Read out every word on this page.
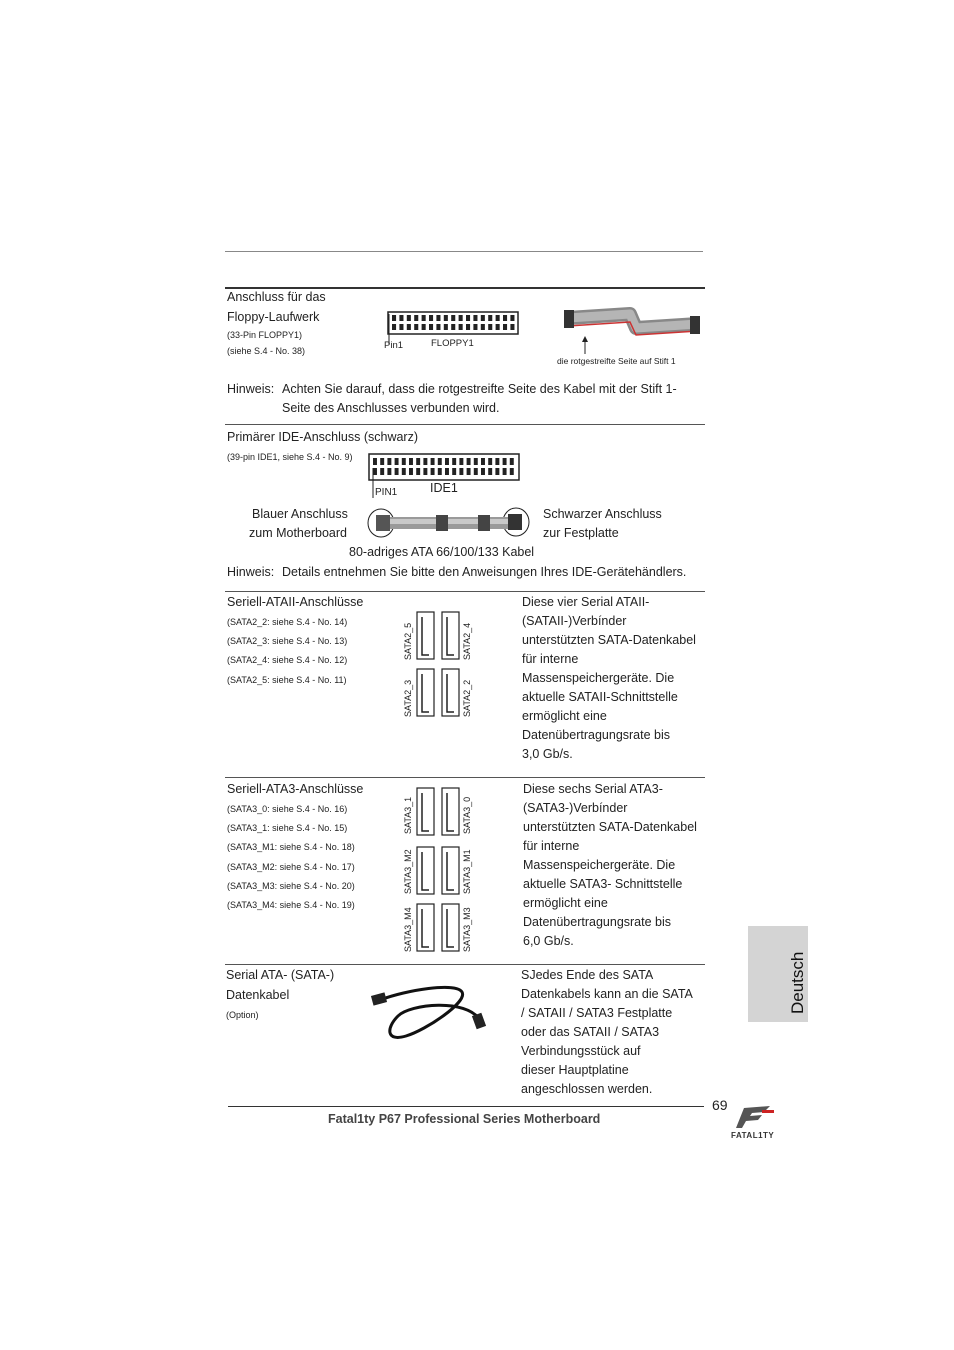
Anschluss für das
Floppy-Laufwerk
(33-Pin FLOPPY1)
(siehe S.4 - No. 38)	Pin1	FLOPPY1
die rotgestreifte Seite auf Stift 1
Hinweis: Achten Sie darauf, dass die rotgestreifte Seite des Kabel mit der Stift 1-
Seite des Anschlusses verbunden wird.
Primärer IDE-Anschluss (schwarz)
(39-pin IDE1, siehe S.4 - No. 9)
PIN1	IDE1
Blauer Anschluss
zum Motherboard
Schwarzer Anschluss
zur Festplatte
80-adriges ATA 66/100/133 Kabel
Hinweis: Details entnehmen Sie bitte den Anweisungen Ihres IDE-Gerätehändlers.
Seriell-ATAII-Anschlüsse
(SATA2_2: siehe S.4 - No. 14)
(SATA2_3: siehe S.4 - No. 13)
(SATA2_4: siehe S.4 - No. 12)
(SATA2_5: siehe S.4 - No. 11)
SATA2_5	SATA2_4
SATA2_3	SATA2_2
Diese vier Serial ATAII-
(SATAII-)Verbínder
unterstützten SATA-Datenkabel
für interne
Massenspeichergeräte. Die
aktuelle SATAII-Schnittstelle
ermöglicht eine
Datenübertragungsrate bis
3,0 Gb/s.
Seriell-ATA3-Anschlüsse
(SATA3_0: siehe S.4 - No. 16)
(SATA3_1: siehe S.4 - No. 15)
(SATA3_M1: siehe S.4 - No. 18)
(SATA3_M2: siehe S.4 - No. 17)
(SATA3_M3: siehe S.4 - No. 20)
(SATA3_M4: siehe S.4 - No. 19)
SATA3_1	SATA3_0
SATA3_M2	SATA3_M1
SATA3_M4	SATA3_M3
Diese sechs Serial ATA3-
(SATA3-)Verbínder
unterstützten SATA-Datenkabel
für interne
Massenspeichergeräte. Die
aktuelle SATA3- Schnittstelle
ermöglicht eine
Datenübertragungsrate bis
6,0 Gb/s.
Serial ATA- (SATA-)
Datenkabel
(Option)
SJedes Ende des SATA
Datenkabels kann an die SATA
/ SATAII / SATA3 Festplatte
oder das SATAII / SATA3
Verbindungsstück auf
dieser Hauptplatine
angeschlossen werden.
Deutsch
69
Fatal1ty P67 Professional Series Motherboard
FATAL1TY
